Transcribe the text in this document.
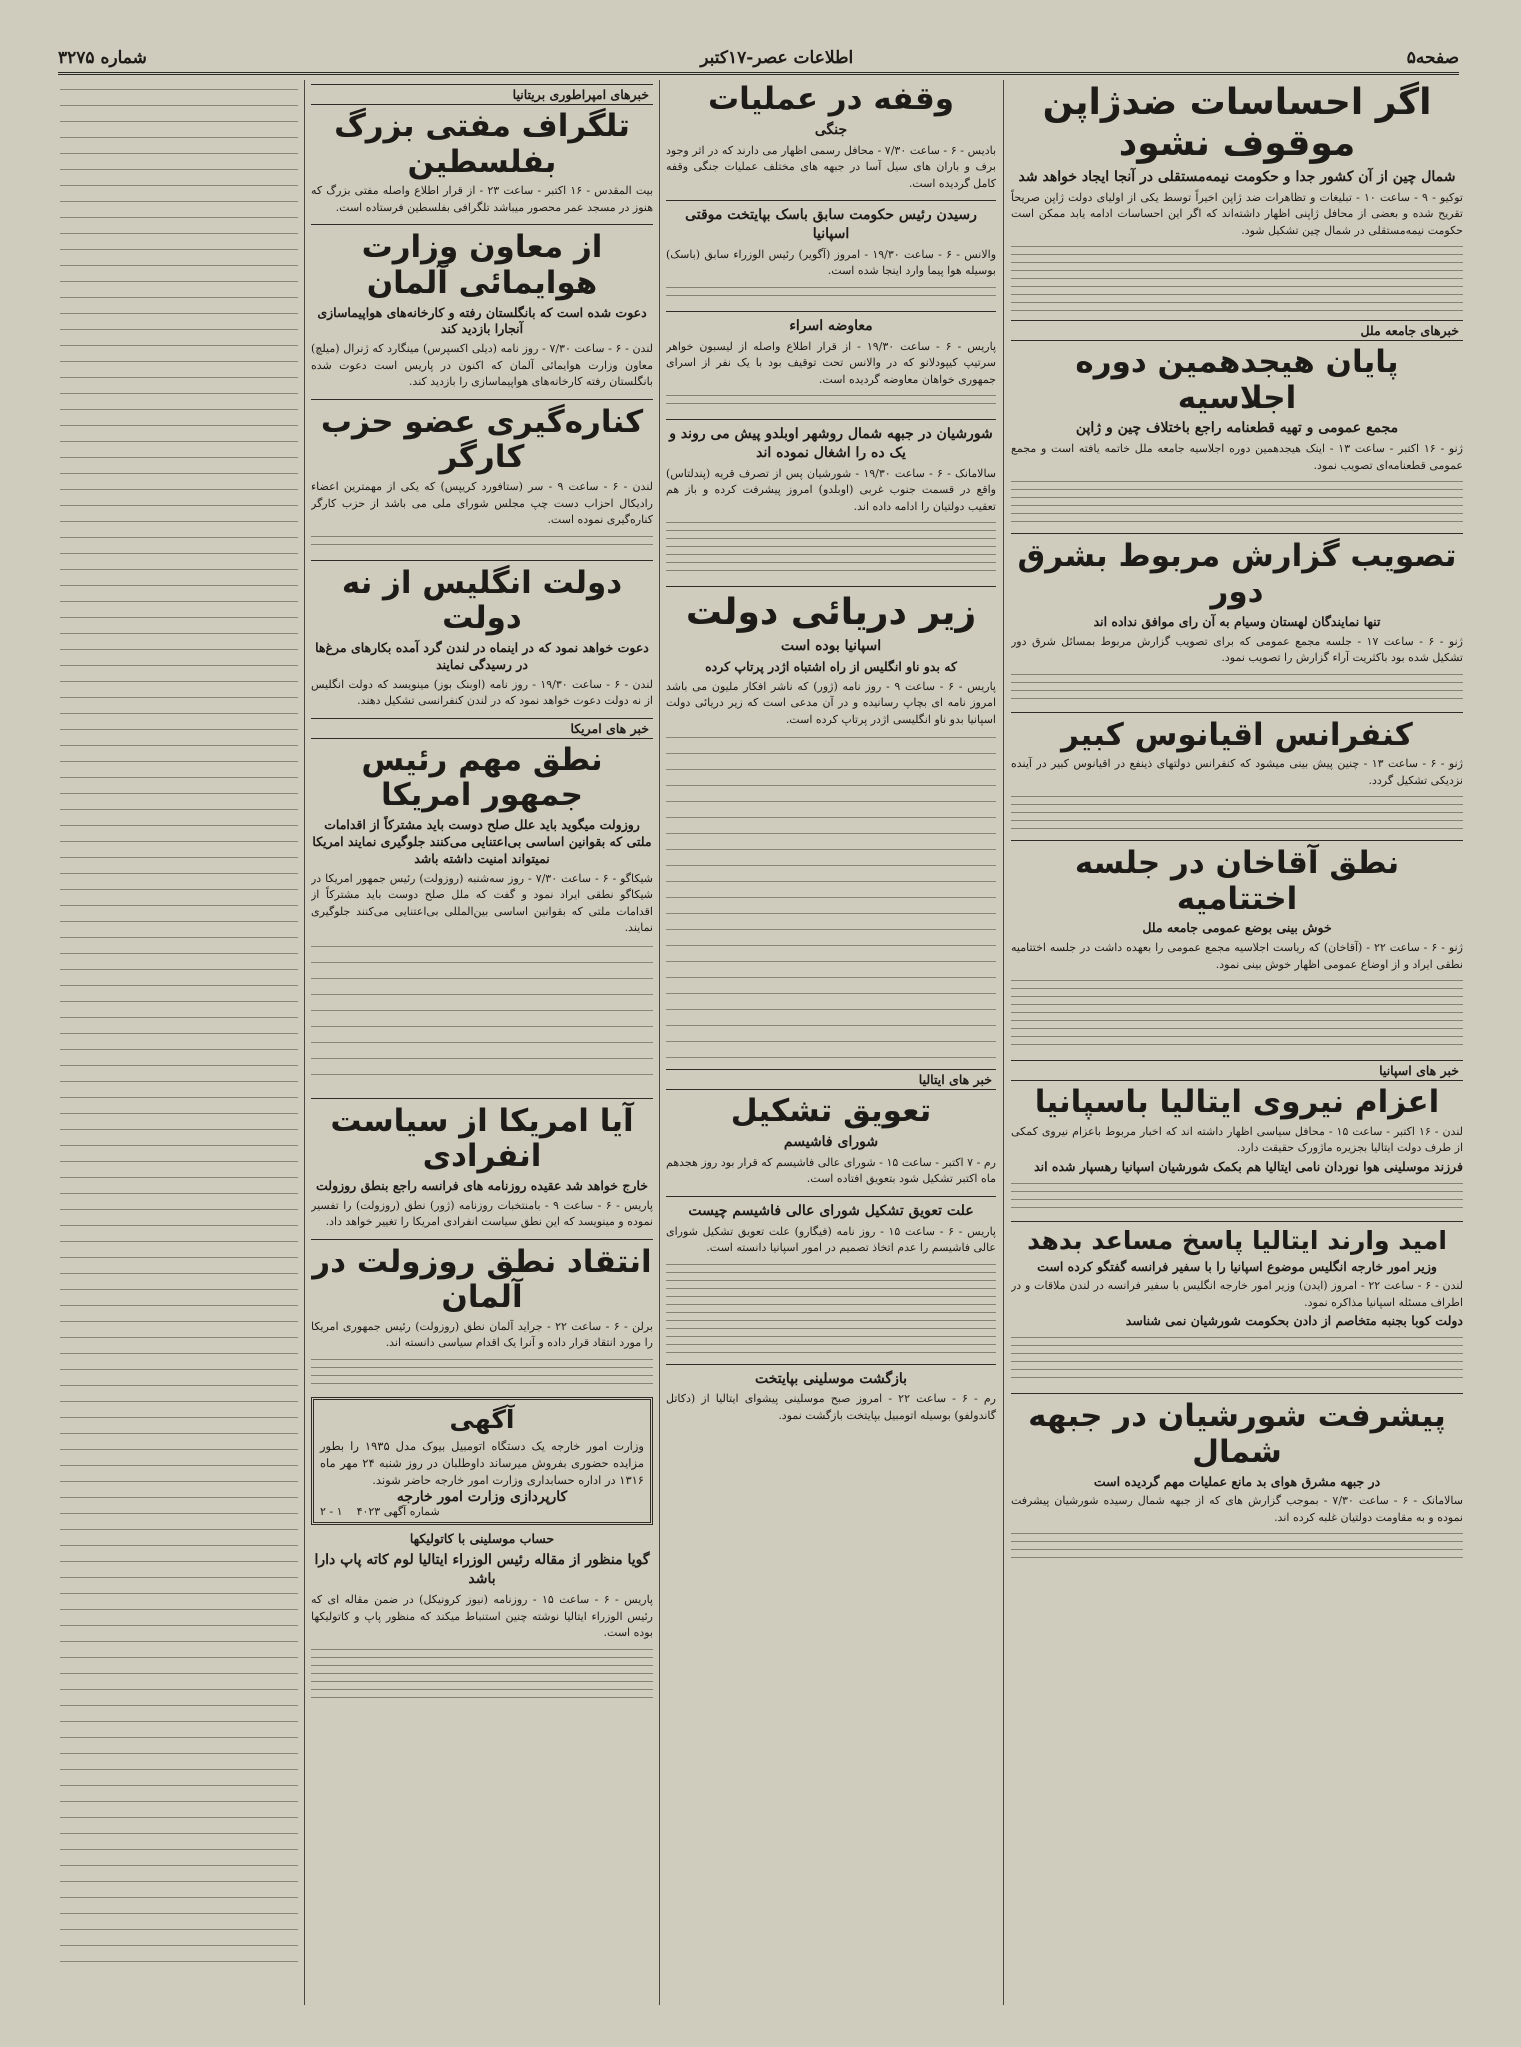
صفحه۵
اطلاعات عصر-۱۷کتبر
شماره ۳۲۷۵
اگر احساسات ضدژاپن موقوف نشود
شمال چین از آن کشور جدا و حکومت نیمه‌مستقلی در آنجا ایجاد خواهد شد
توکیو - ۹ - ساعت ۱۰ - تبلیغات و تظاهرات ضد ژاپن اخیراً توسط یکی از اولیای دولت ژاپن صریحاً تقریح شده و بعضی از محافل ژاپنی اظهار داشته‌اند که اگر این احساسات ادامه یابد ممکن است حکومت نیمه‌مستقلی در شمال چین تشکیل شود.
خبرهای جامعه ملل
پایان هیجدهمین دوره اجلاسیه
مجمع عمومی و تهیه قطعنامه راجع باختلاف چین و ژاپن
ژنو - ۱۶ اکتبر - ساعت ۱۳ - اینک هیجدهمین دوره اجلاسیه جامعه ملل خاتمه یافته است و مجمع عمومی قطعنامه‌ای تصویب نمود.
تصویب گزارش مربوط بشرق دور
تنها نمایندگان لهستان وسیام به آن رای موافق نداده اند
ژنو - ۶ - ساعت ۱۷ - جلسه مجمع عمومی که برای تصویب گزارش مربوط بمسائل شرق دور تشکیل شده بود باکثریت آراء گزارش را تصویب نمود.
کنفرانس اقیانوس کبیر
ژنو - ۶ - ساعت ۱۳ - چنین پیش بینی میشود که کنفرانس دولتهای ذینفع در اقیانوس کبیر در آینده نزدیکی تشکیل گردد.
نطق آقاخان در جلسه اختتامیه
خوش بینی بوضع عمومی جامعه ملل
ژنو - ۶ - ساعت ۲۲ - (آقاخان) که ریاست اجلاسیه مجمع عمومی را بعهده داشت در جلسه اختتامیه نطقی ایراد و از اوضاع عمومی اظهار خوش بینی نمود.
خبر های اسپانیا
اعزام نیروی ایتالیا باسپانیا
لندن - ۱۶ اکتبر - ساعت ۱۵ - محافل سیاسی اظهار داشته اند که اخبار مربوط باعزام نیروی کمکی از طرف دولت ایتالیا بجزیره ماژورک حقیقت دارد.
فرزند موسلینی هوا نوردان نامی ایتالیا هم بکمک شورشیان اسپانیا رهسپار شده اند
امید وارند ایتالیا پاسخ مساعد بدهد
وزیر امور خارجه انگلیس موضوع اسپانیا را با سفیر فرانسه گفتگو کرده است
لندن - ۶ - ساعت ۲۲ - امروز (ایدن) وزیر امور خارجه انگلیس با سفیر فرانسه در لندن ملاقات و در اطراف مسئله اسپانیا مذاکره نمود.
دولت کوبا بجنبه متخاصم از دادن بحکومت شورشیان نمی شناسد
پیشرفت شورشیان در جبهه شمال
در جبهه مشرق هوای بد مانع عملیات مهم گردیده است
سالامانک - ۶ - ساعت ۷/۳۰ - بموجب گزارش های که از جبهه شمال رسیده شورشیان پیشرفت نموده و به مقاومت دولتیان غلبه کرده اند.
وقفه در عملیات
جنگی
بادیس - ۶ - ساعت ۷/۳۰ - محافل رسمی اظهار می دارند که در اثر وجود برف و باران های سیل آسا در جبهه های مختلف عملیات جنگی وقفه کامل گردیده است.
رسیدن رئیس حکومت سابق باسک بپایتخت موقتی اسپانیا
والانس - ۶ - ساعت ۱۹/۳۰ - امروز (آگویر) رئیس الوزراء سابق (باسک) بوسیله هوا پیما وارد اینجا شده است.
معاوضه اسراء
پاریس - ۶ - ساعت ۱۹/۳۰ - از قرار اطلاع واصله از لیسبون خواهر سرتیپ کیپودلانو که در والانس تحت توقیف بود با یک نفر از اسرای جمهوری خواهان معاوضه گردیده است.
شورشیان در جبهه شمال روشهر اوبلدو پیش می روند و یک ده را اشغال نموده اند
سالامانک - ۶ - ساعت ۱۹/۳۰ - شورشیان پس از تصرف قریه (پندلتاس) واقع در قسمت جنوب غربی (اوبلدو) امروز پیشرفت کرده و باز هم تعقیب دولتیان را ادامه داده اند.
زیر دریائی دولت
اسپانیا بوده است
که بدو ناو انگلیس از راه اشتباه اژدر پرتاپ کرده
پاریس - ۶ - ساعت ۹ - روز نامه (ژور) که ناشر افکار ملیون می باشد امروز نامه ای بچاپ رسانیده و در آن مدعی است که زیر دریائی دولت اسپانیا بدو ناو انگلیسی اژدر پرتاپ کرده است.
خبر های ایتالیا
تعویق تشکیل
شورای فاشیسم
رم - ۷ اکتبر - ساعت ۱۵ - شورای عالی فاشیسم که قرار بود روز هجدهم ماه اکتبر تشکیل شود بتعویق افتاده است.
علت تعویق تشکیل شورای عالی فاشیسم چیست
پاریس - ۶ - ساعت ۱۵ - روز نامه (فیگارو) علت تعویق تشکیل شورای عالی فاشیسم را عدم اتخاذ تصمیم در امور اسپانیا دانسته است.
بازگشت موسلینی بپایتخت
رم - ۶ - ساعت ۲۲ - امروز صبح موسلینی پیشوای ایتالیا از (دکاتل گاندولفو) بوسیله اتومبیل بپایتخت بازگشت نمود.
خبرهای امپراطوری بریتانیا
تلگراف مفتی بزرگ بفلسطین
بیت المقدس - ۱۶ اکتبر - ساعت ۲۳ - از قرار اطلاع واصله مفتی بزرگ که هنوز در مسجد عمر محصور میباشد تلگرافی بفلسطین فرستاده است.
از معاون وزارت هوایمائی آلمان
دعوت شده است که بانگلستان رفته و کارخانه‌های هواپیماسازی آنجارا بازدید کند
لندن - ۶ - ساعت ۷/۳۰ - روز نامه (دیلی اکسپرس) مینگارد که ژنرال (میلچ) معاون وزارت هوایمائی آلمان که اکنون در پاریس است دعوت شده بانگلستان رفته کارخانه‌های هواپیماسازی را بازدید کند.
کناره‌گیری عضو حزب کارگر
لندن - ۶ - ساعت ۹ - سر (ستافورد کریپس) که یکی از مهمترین اعضاء رادیکال احزاب دست چپ مجلس شورای ملی می باشد از حزب کارگر کناره‌گیری نموده است.
دولت انگلیس از نه دولت
دعوت خواهد نمود که در اینماه در لندن گرد آمده بکارهای مرغ‌ها در رسیدگی نمایند
لندن - ۶ - ساعت ۱۹/۳۰ - روز نامه (اوبنک بوز) مینویسد که دولت انگلیس از نه دولت دعوت خواهد نمود که در لندن کنفرانسی تشکیل دهند.
خبر های امریکا
نطق مهم رئیس جمهور امریکا
روزولت میگوید باید علل صلح دوست باید مشترکاً از اقدامات ملتی که بقوانین اساسی بی‌اعتنایی می‌کنند جلوگیری نمایند امریکا نمیتواند امنیت داشته باشد
شیکاگو - ۶ - ساعت ۷/۳۰ - روز سه‌شنبه (روزولت) رئیس جمهور امریکا در شیکاگو نطقی ایراد نمود و گفت که ملل صلح دوست باید مشترکاً از اقدامات ملتی که بقوانین اساسی بین‌المللی بی‌اعتنایی می‌کنند جلوگیری نمایند.
آیا امریکا از سیاست انفرادی
خارج خواهد شد عقیده روزنامه های فرانسه راجع بنطق روزولت
پاریس - ۶ - ساعت ۹ - بامنتخبات روزنامه (ژور) نطق (روزولت) را تفسیر نموده و مینویسد که این نطق سیاست انفرادی امریکا را تغییر خواهد داد.
انتقاد نطق روزولت در آلمان
برلن - ۶ - ساعت ۲۲ - جراید آلمان نطق (روزولت) رئیس جمهوری امریکا را مورد انتقاد قرار داده و آنرا یک اقدام سیاسی دانسته اند.
آگهی
وزارت امور خارجه یک دستگاه اتومبیل بیوک مدل ۱۹۳۵ را بطور مزایده حضوری بفروش میرساند داوطلبان در روز شنبه ۲۴ مهر ماه ۱۳۱۶ در اداره حسابداری وزارت امور خارجه حاضر شوند.
کارپردازی وزارت امور خارجه
شماره آگهی ۴۰۲۳    ۱ - ۲
حساب موسلینی با کاتولیکها
گویا منظور از مقاله رئیس الوزراء ایتالیا لوم کاته پاپ دارا باشد
پاریس - ۶ - ساعت ۱۵ - روزنامه (نیوز کرونیکل) در ضمن مقاله ای که رئیس الوزراء ایتالیا نوشته چنین استنباط میکند که منظور پاپ و کاتولیکها بوده است.
